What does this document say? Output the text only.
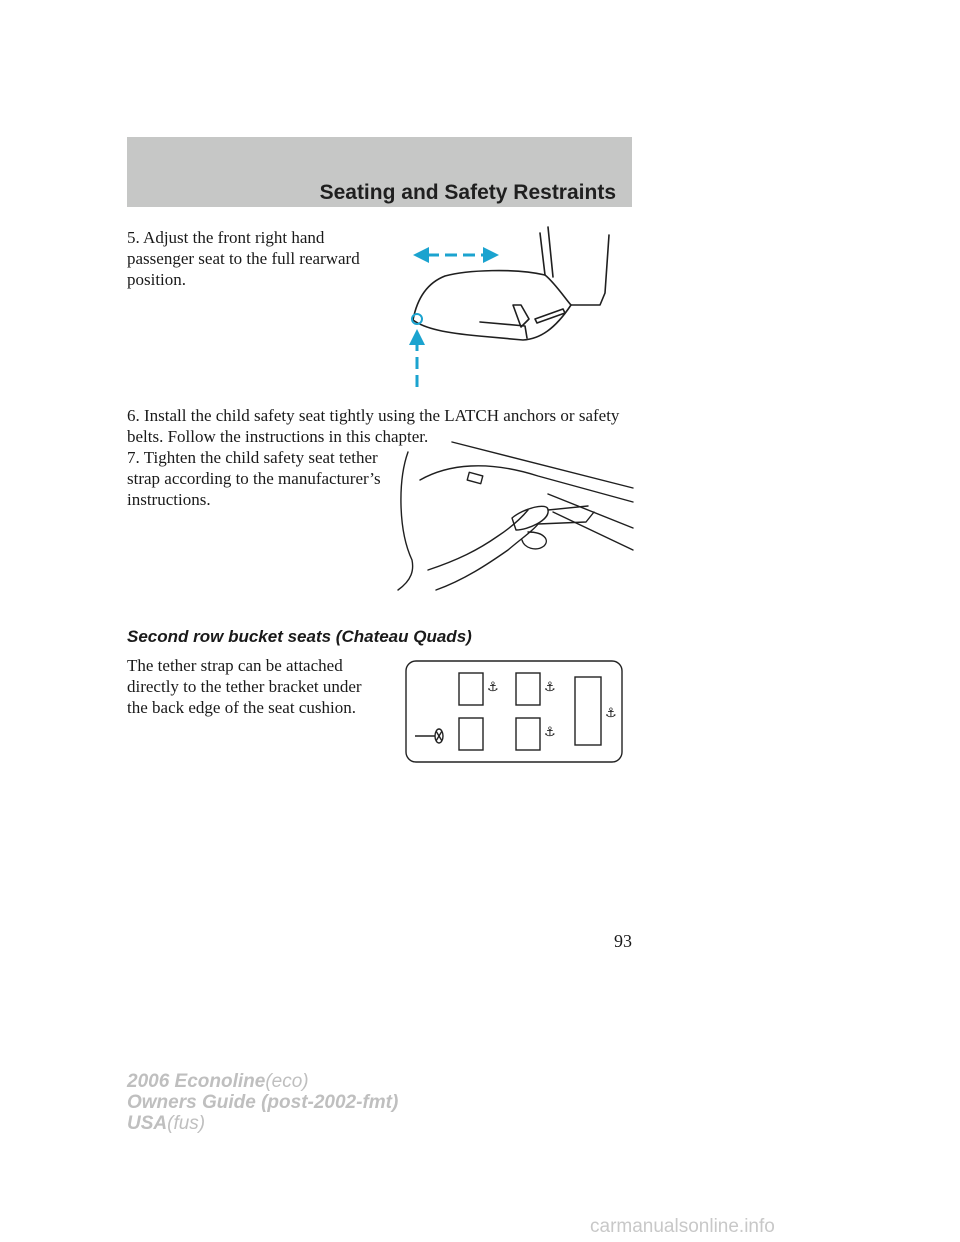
Seating and Safety Restraints

5. Adjust the front right hand passenger seat to the full rearward position.

6. Install the child safety seat tightly using the LATCH anchors or safety belts. Follow the instructions in this chapter.

7. Tighten the child safety seat tether strap according to the manufacturer’s instructions.

Second row bucket seats (Chateau Quads)

The tether strap can be attached directly to the tether bracket under the back edge of the seat cushion.

⚓	⚓
⚓
⚓
93
2006 Econoline(eco)
Owners Guide (post-2002-fmt)
USA(fus)
carmanualsonline.info
